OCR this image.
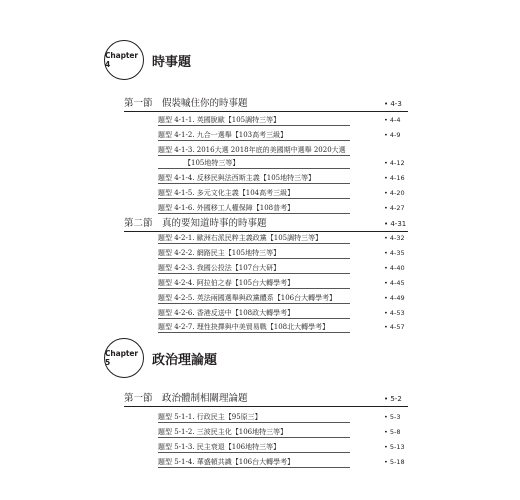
Chapter 4	時事題
第一節　假裝嘁住你的時事題	• 4-3
題型 4-1-1. 英國脫歐【105調特三等】	• 4-4
題型 4-1-2. 九合一選舉【103高考三級】	• 4-9
題型 4-1-3. 2016大選 2018年底的美國期中選舉 2020大選
【105地特三等】	• 4-12
題型 4-1-4. 反移民與法西斯主義【105地特三等】	• 4-16
題型 4-1-5. 多元文化主義【104高考三級】	• 4-20
題型 4-1-6. 外國移工人權保障【108普考】	• 4-27
第二節　真的要知道時事的時事題	• 4-31
題型 4-2-1. 歐洲右派民粹主義政黨【105調特三等】	• 4-32
題型 4-2-2. 網路民主【105地特三等】	• 4-35
題型 4-2-3. 我國公投法【107台大研】	• 4-40
題型 4-2-4. 阿拉伯之春【105台大轉學考】	• 4-45
題型 4-2-5. 英法兩國選舉與政黨體系【106台大轉學考】	• 4-49
題型 4-2-6. 香港反送中【108政大轉學考】	• 4-53
題型 4-2-7. 理性抉擇與中美貿易戰【108北大轉學考】	• 4-57
Chapter 5	政治理論題
第一節　政治體制相關理論題	• 5-2
題型 5-1-1. 行政民主【95原三】	• 5-3
題型 5-1-2. 三波民主化【106地特三等】	• 5-8
題型 5-1-3. 民主衰退【106地特三等】	• 5-13
題型 5-1-4. 華盛頓共識【106台大轉學考】	• 5-18
